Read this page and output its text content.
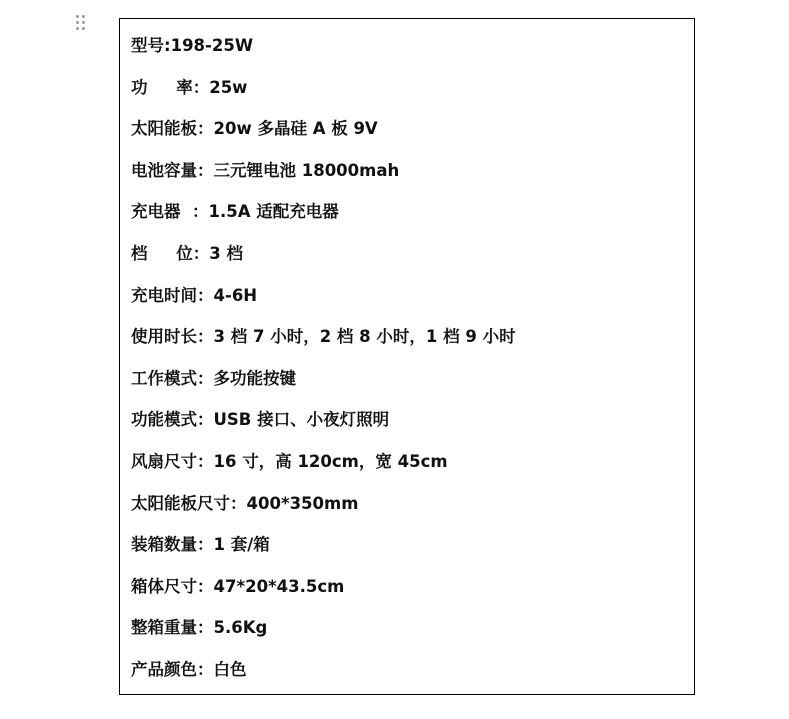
型号:198-25W
功     率：25w
太阳能板：20w 多晶硅 A 板 9V
电池容量：三元锂电池 18000mah
充电器  ：1.5A 适配充电器
档     位：3 档
充电时间：4-6H
使用时长：3 档 7 小时，2 档 8 小时，1 档 9 小时
工作模式：多功能按键
功能模式：USB 接口、小夜灯照明
风扇尺寸：16 寸，高 120cm，宽 45cm
太阳能板尺寸：400*350mm
装箱数量：1 套/箱
箱体尺寸：47*20*43.5cm
整箱重量：5.6Kg
产品颜色：白色
